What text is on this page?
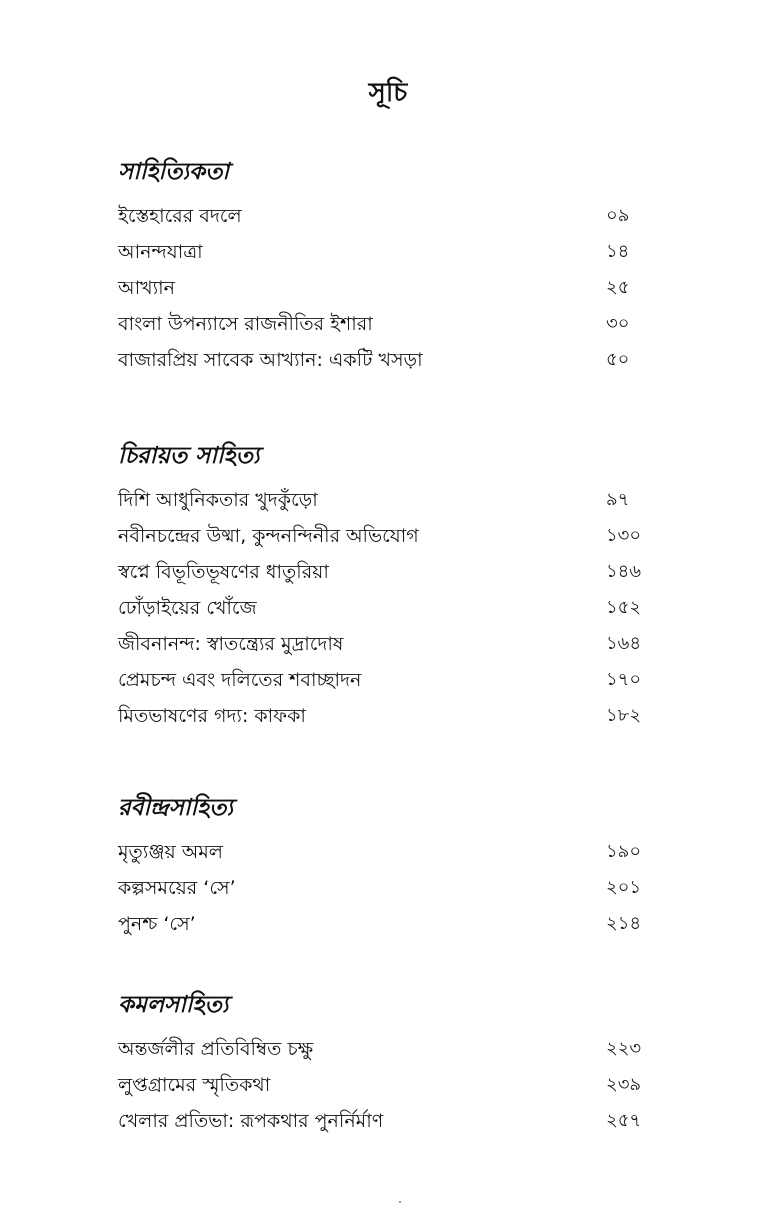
সূচি
সাহিত্যিকতা
ইস্তেহারের বদলে	০৯
আনন্দযাত্রা	১৪
আখ্যান	২৫
বাংলা উপন্যাসে রাজনীতির ইশারা	৩০
বাজারপ্রিয় সাবেক আখ্যান: একটি খসড়া	৫০
চিরায়ত সাহিত্য
দিশি আধুনিকতার খুদকুঁড়ো	৯৭
নবীনচন্দ্রের উষ্মা, কুন্দনন্দিনীর অভিযোগ	১৩০
স্বপ্নে বিভূতিভূষণের ধাতুরিয়া	১৪৬
ঢোঁড়াইয়ের খোঁজে	১৫২
জীবনানন্দ: স্বাতন্ত্র্যের মুদ্রাদোষ	১৬৪
প্রেমচন্দ এবং দলিতের শবাচ্ছাদন	১৭০
মিতভাষণের গদ্য: কাফকা	১৮২
রবীন্দ্রসাহিত্য
মৃত্যুঞ্জয় অমল	১৯০
কল্পসময়ের ‘সে’	২০১
পুনশ্চ ‘সে’	২১৪
কমলসাহিত্য
অন্তর্জলীর প্রতিবিম্বিত চক্ষু	২২৩
লুপ্তগ্রামের স্মৃতিকথা	২৩৯
খেলার প্রতিভা: রূপকথার পুনর্নির্মাণ	২৫৭
